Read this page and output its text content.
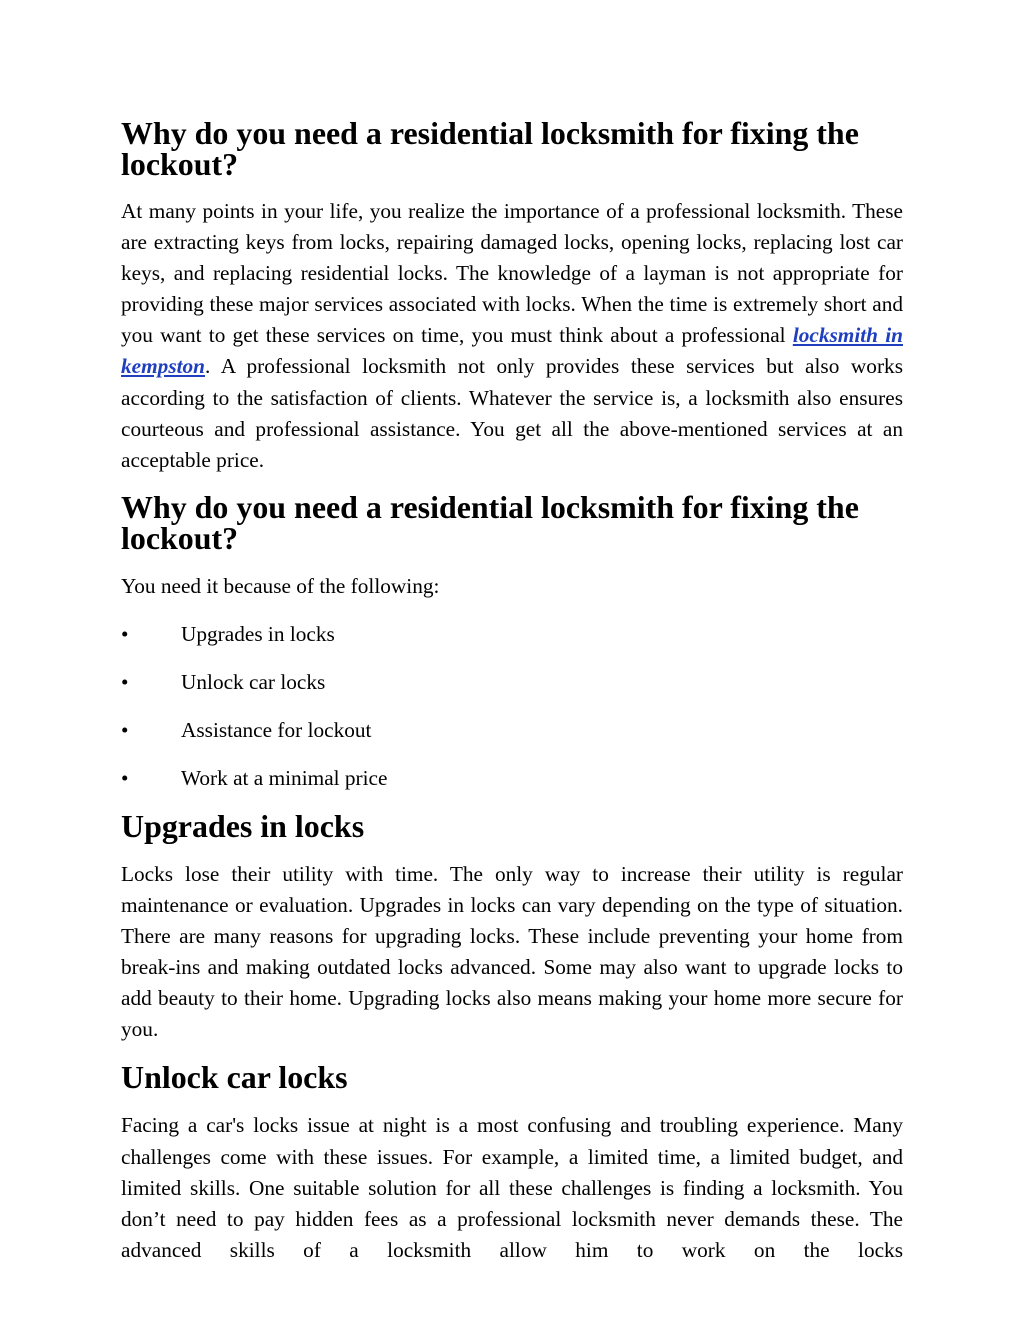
Why do you need a residential locksmith for fixing the lockout?

At many points in your life, you realize the importance of a professional locksmith. These are extracting keys from locks, repairing damaged locks, opening locks, replacing lost car keys, and replacing residential locks. The knowledge of a layman is not appropriate for providing these major services associated with locks. When the time is extremely short and you want to get these services on time, you must think about a professional locksmith in kempston. A professional locksmith not only provides these services but also works according to the satisfaction of clients. Whatever the service is, a locksmith also ensures courteous and professional assistance. You get all the above-mentioned services at an acceptable price.

Why do you need a residential locksmith for fixing the lockout?

You need it because of the following:

•	Upgrades in locks
•	Unlock car locks
•	Assistance for lockout
•	Work at a minimal price
Upgrades in locks

Locks lose their utility with time. The only way to increase their utility is regular maintenance or evaluation. Upgrades in locks can vary depending on the type of situation. There are many reasons for upgrading locks. These include preventing your home from break-ins and making outdated locks advanced. Some may also want to upgrade locks to add beauty to their home. Upgrading locks also means making your home more secure for you.

Unlock car locks

Facing a car's locks issue at night is a most confusing and troubling experience. Many challenges come with these issues. For example, a limited time, a limited budget, and limited skills. One suitable solution for all these challenges is finding a locksmith. You don’t need to pay hidden fees as a professional locksmith never demands these. The advanced skills of a locksmith allow him to work on the locks
